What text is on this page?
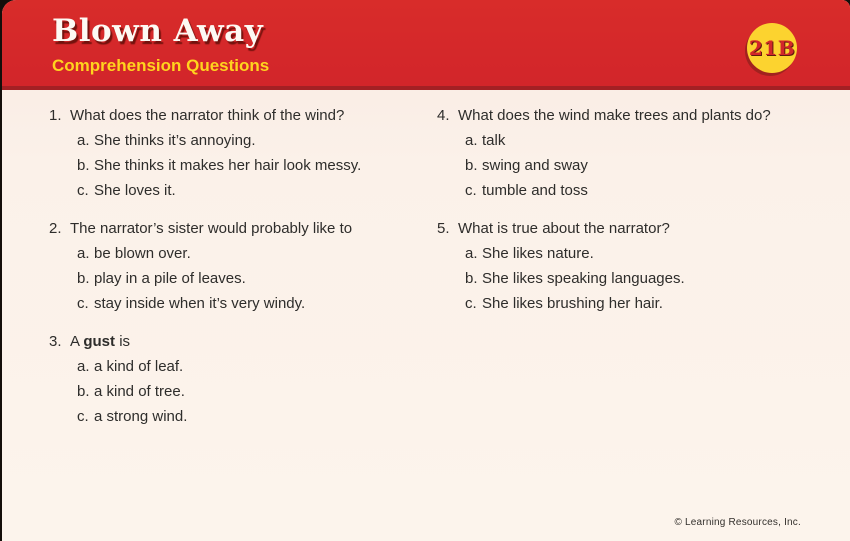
Blown Away
Comprehension Questions
21B
1. What does the narrator think of the wind?
a. She thinks it’s annoying.
b. She thinks it makes her hair look messy.
c. She loves it.
2. The narrator’s sister would probably like to
a. be blown over.
b. play in a pile of leaves.
c. stay inside when it’s very windy.
3. A gust is
a. a kind of leaf.
b. a kind of tree.
c. a strong wind.
4. What does the wind make trees and plants do?
a. talk
b. swing and sway
c. tumble and toss
5. What is true about the narrator?
a. She likes nature.
b. She likes speaking languages.
c. She likes brushing her hair.
© Learning Resources, Inc.
